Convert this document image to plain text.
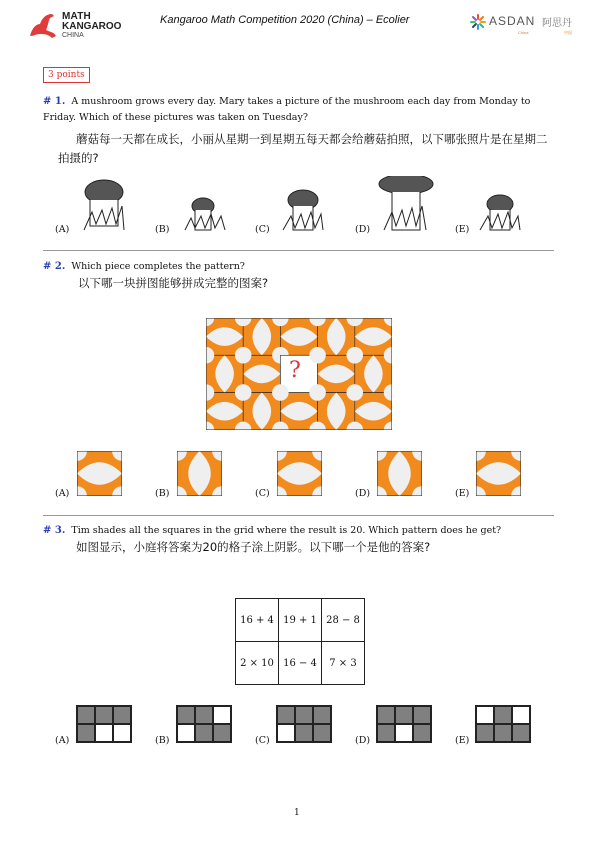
MATH
KANGAROO
CHINA
Kangaroo Math Competition 2020 (China) – Ecolier	ASDAN 阿思丹
China	中国
3 points
# 1. A mushroom grows every day. Mary takes a picture of the mushroom each day from Monday to Friday. Which of these pictures was taken on Tuesday?
蘑菇每一天都在成长，小丽从星期一到星期五每天都会给蘑菇拍照，以下哪张照片是在星期二拍摄的?
(A)	(B)	(C)	(D)	(E)
# 2. Which piece completes the pattern?
以下哪一块拼图能够拼成完整的图案?
?
(A)	(B)	(C)	(D)	(E)
# 3. Tim shades all the squares in the grid where the result is 20. Which pattern does he get?
如图显示，小庭将答案为20的格子涂上阴影。以下哪一个是他的答案?
16 + 4	19 + 1	28 − 8
2 × 10	16 − 4	7 × 3
(A)	(B)	(C)	(D)	(E)
1
